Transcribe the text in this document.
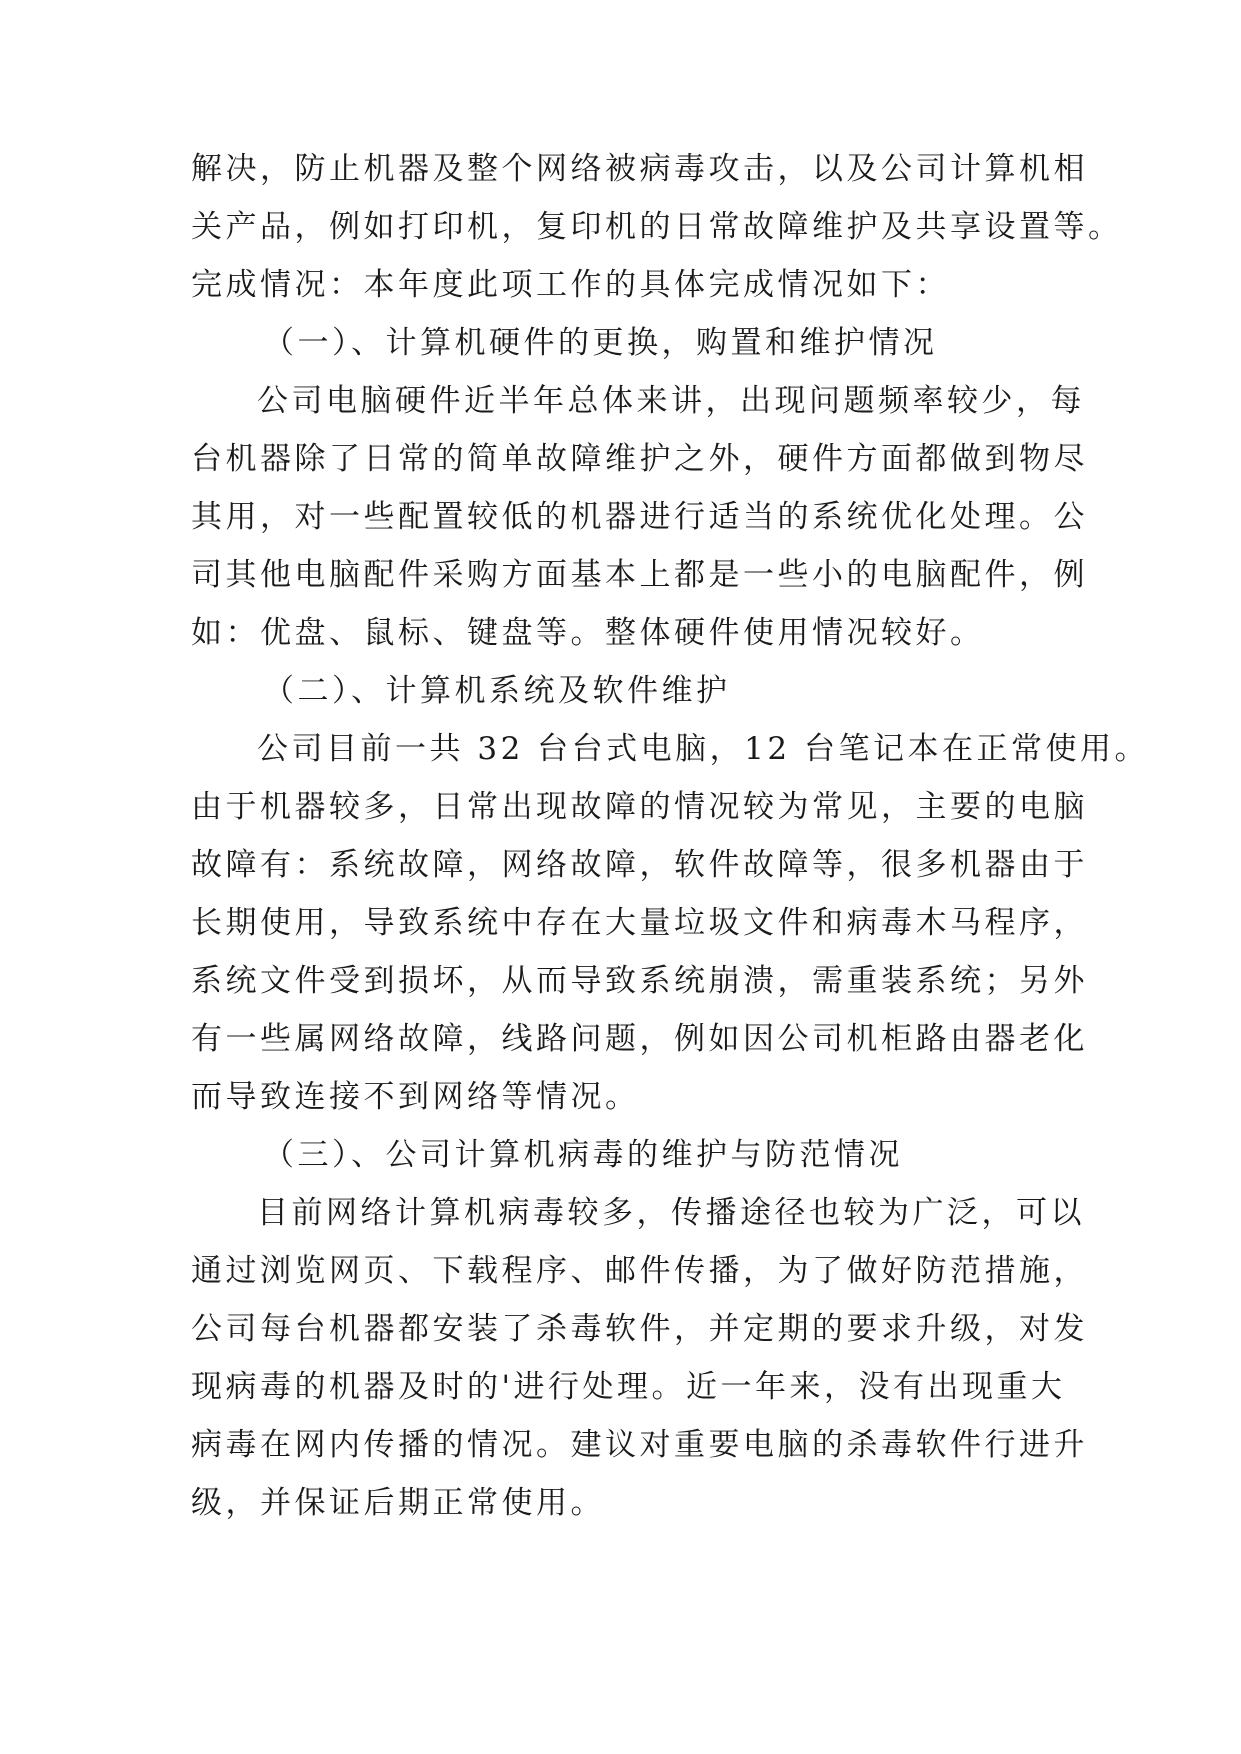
解决，防止机器及整个网络被病毒攻击，以及公司计算机相
关产品，例如打印机，复印机的日常故障维护及共享设置等。
完成情况：本年度此项工作的具体完成情况如下：
（一）、计算机硬件的更换，购置和维护情况
公司电脑硬件近半年总体来讲，出现问题频率较少，每
台机器除了日常的简单故障维护之外，硬件方面都做到物尽
其用，对一些配置较低的机器进行适当的系统优化处理。公
司其他电脑配件采购方面基本上都是一些小的电脑配件，例
如：优盘、鼠标、键盘等。整体硬件使用情况较好。
（二）、计算机系统及软件维护
公司目前一共 32 台台式电脑，12 台笔记本在正常使用。
由于机器较多，日常出现故障的情况较为常见，主要的电脑
故障有：系统故障，网络故障，软件故障等，很多机器由于
长期使用，导致系统中存在大量垃圾文件和病毒木马程序，
系统文件受到损坏，从而导致系统崩溃，需重装系统；另外
有一些属网络故障，线路问题，例如因公司机柜路由器老化
而导致连接不到网络等情况。
（三）、公司计算机病毒的维护与防范情况
目前网络计算机病毒较多，传播途径也较为广泛，可以
通过浏览网页、下载程序、邮件传播，为了做好防范措施，
公司每台机器都安装了杀毒软件，并定期的要求升级，对发
现病毒的机器及时的'进行处理。近一年来，没有出现重大
病毒在网内传播的情况。建议对重要电脑的杀毒软件行进升
级，并保证后期正常使用。
